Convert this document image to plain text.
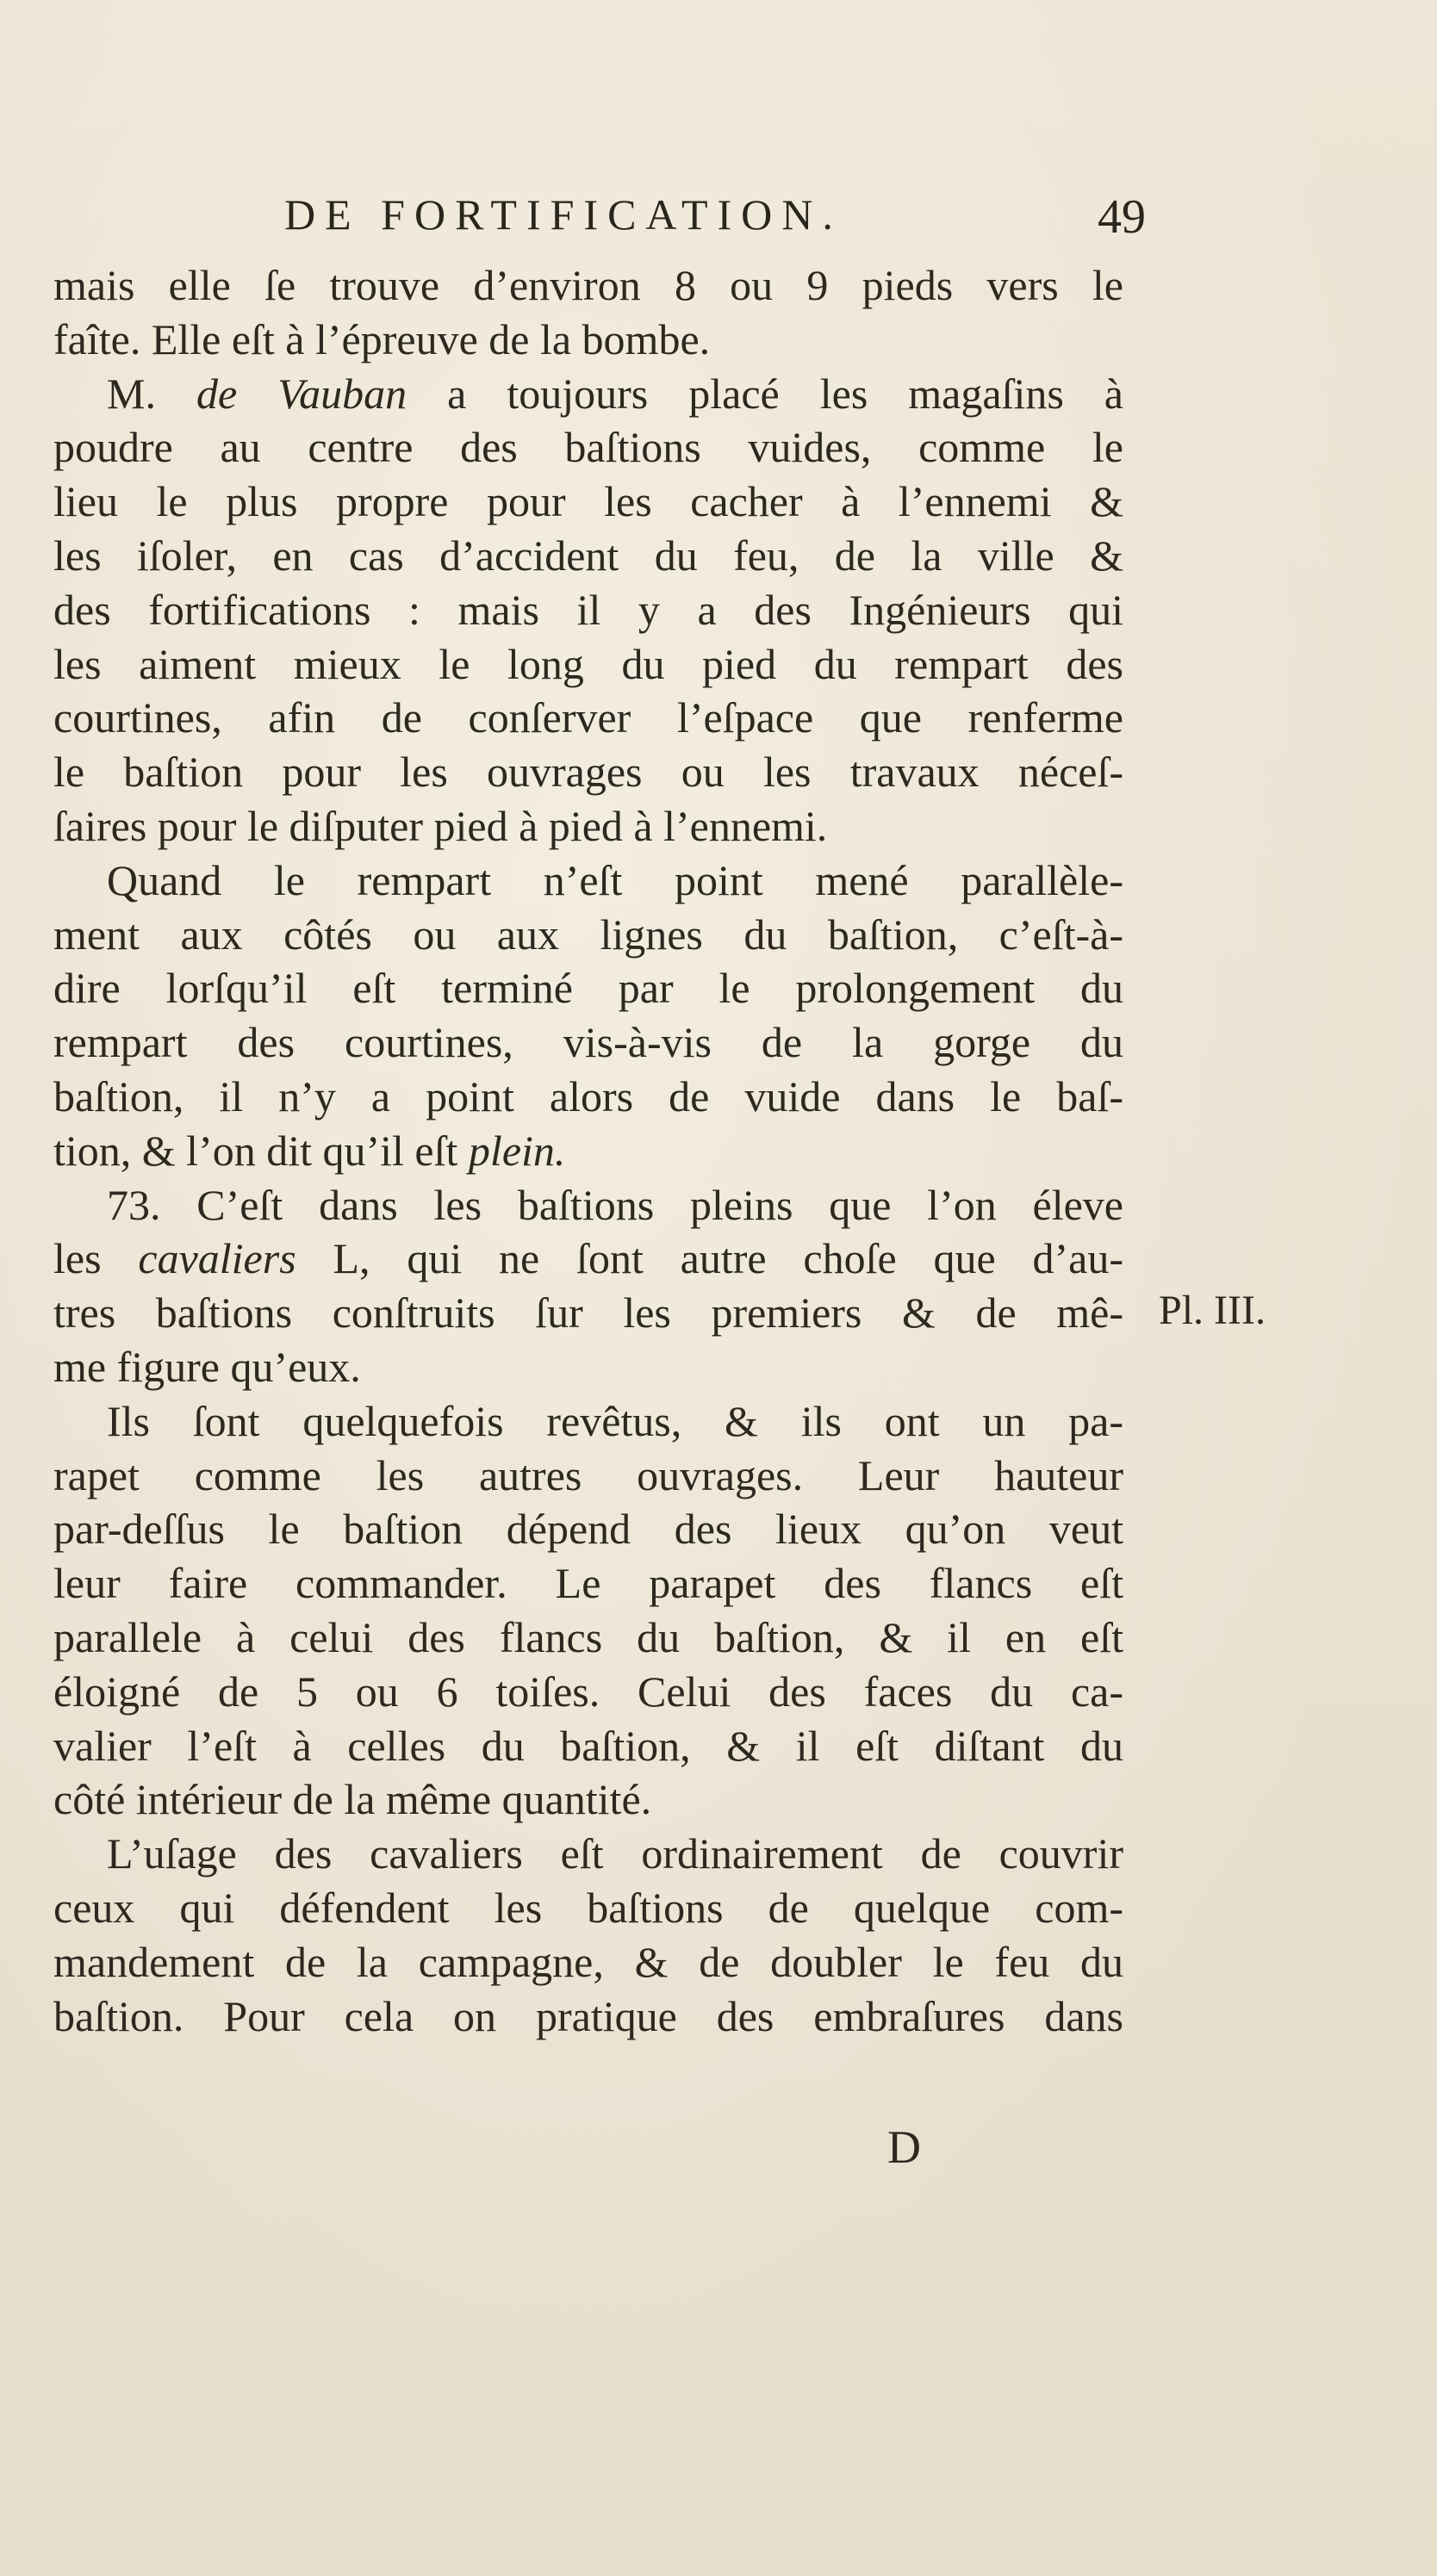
DE FORTIFICATION.	49
mais elle ſe trouve d’environ 8 ou 9 pieds vers le
faîte. Elle eſt à l’épreuve de la bombe.
M. de Vauban a toujours placé les magaſins à
poudre au centre des baſtions vuides, comme le
lieu le plus propre pour les cacher à l’ennemi &
les iſoler, en cas d’accident du feu, de la ville &
des fortifications : mais il y a des Ingénieurs qui
les aiment mieux le long du pied du rempart des
courtines, afin de conſerver l’eſpace que renferme
le baſtion pour les ouvrages ou les travaux néceſ-
ſaires pour le diſputer pied à pied à l’ennemi.
Quand le rempart n’eſt point mené parallèle-
ment aux côtés ou aux lignes du baſtion, c’eſt-à-
dire lorſqu’il eſt terminé par le prolongement du
rempart des courtines, vis-à-vis de la gorge du
baſtion, il n’y a point alors de vuide dans le baſ-
tion, & l’on dit qu’il eſt plein.
73. C’eſt dans les baſtions pleins que l’on éleve
les cavaliers L, qui ne ſont autre choſe que d’au-
tres baſtions conſtruits ſur les premiers & de mê-
me figure qu’eux.
Ils ſont quelquefois revêtus, & ils ont un pa-
rapet comme les autres ouvrages. Leur hauteur
par-deſſus le baſtion dépend des lieux qu’on veut
leur faire commander. Le parapet des flancs eſt
parallele à celui des flancs du baſtion, & il en eſt
éloigné de 5 ou 6 toiſes. Celui des faces du ca-
valier l’eſt à celles du baſtion, & il eſt diſtant du
côté intérieur de la même quantité.
L’uſage des cavaliers eſt ordinairement de couvrir
ceux qui défendent les baſtions de quelque com-
mandement de la campagne, & de doubler le feu du
baſtion. Pour cela on pratique des embraſures dans
Pl. III.
D
